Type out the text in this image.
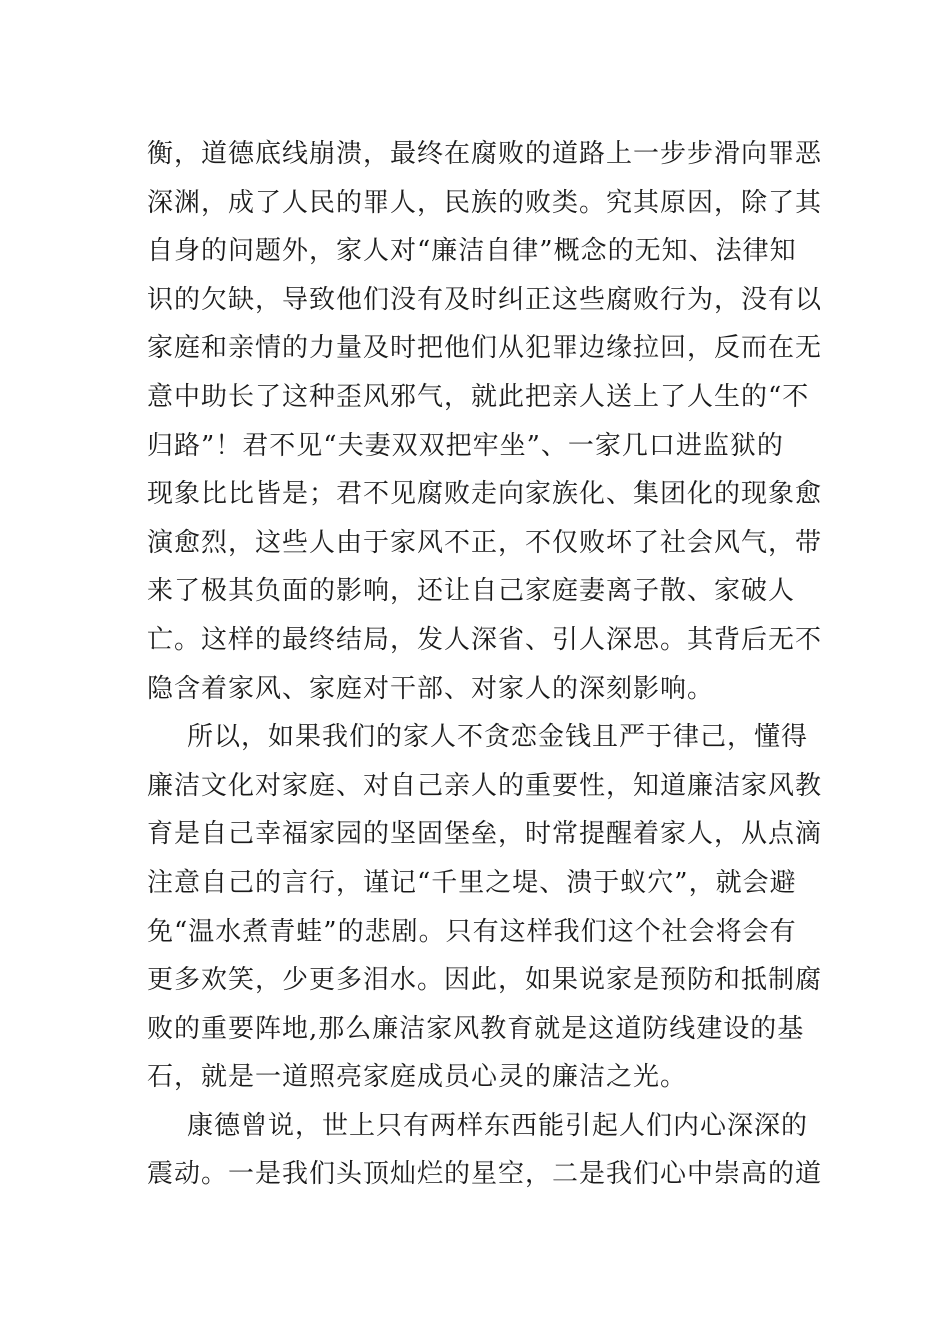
衡，道德底线崩溃，最终在腐败的道路上一步步滑向罪恶
深渊，成了人民的罪人，民族的败类。究其原因，除了其
自身的问题外，家人对“廉洁自律”概念的无知、法律知
识的欠缺，导致他们没有及时纠正这些腐败行为，没有以
家庭和亲情的力量及时把他们从犯罪边缘拉回，反而在无
意中助长了这种歪风邪气，就此把亲人送上了人生的“不
归路”！君不见“夫妻双双把牢坐”、一家几口进监狱的
现象比比皆是；君不见腐败走向家族化、集团化的现象愈
演愈烈，这些人由于家风不正，不仅败坏了社会风气，带
来了极其负面的影响，还让自己家庭妻离子散、家破人
亡。这样的最终结局，发人深省、引人深思。其背后无不
隐含着家风、家庭对干部、对家人的深刻影响。
所以，如果我们的家人不贪恋金钱且严于律己，懂得
廉洁文化对家庭、对自己亲人的重要性，知道廉洁家风教
育是自己幸福家园的坚固堡垒，时常提醒着家人，从点滴
注意自己的言行，谨记“千里之堤、溃于蚁穴”，就会避
免“温水煮青蛙”的悲剧。只有这样我们这个社会将会有
更多欢笑，少更多泪水。因此，如果说家是预防和抵制腐
败的重要阵地,那么廉洁家风教育就是这道防线建设的基
石，就是一道照亮家庭成员心灵的廉洁之光。
康德曾说，世上只有两样东西能引起人们内心深深的
震动。一是我们头顶灿烂的星空，二是我们心中崇高的道
